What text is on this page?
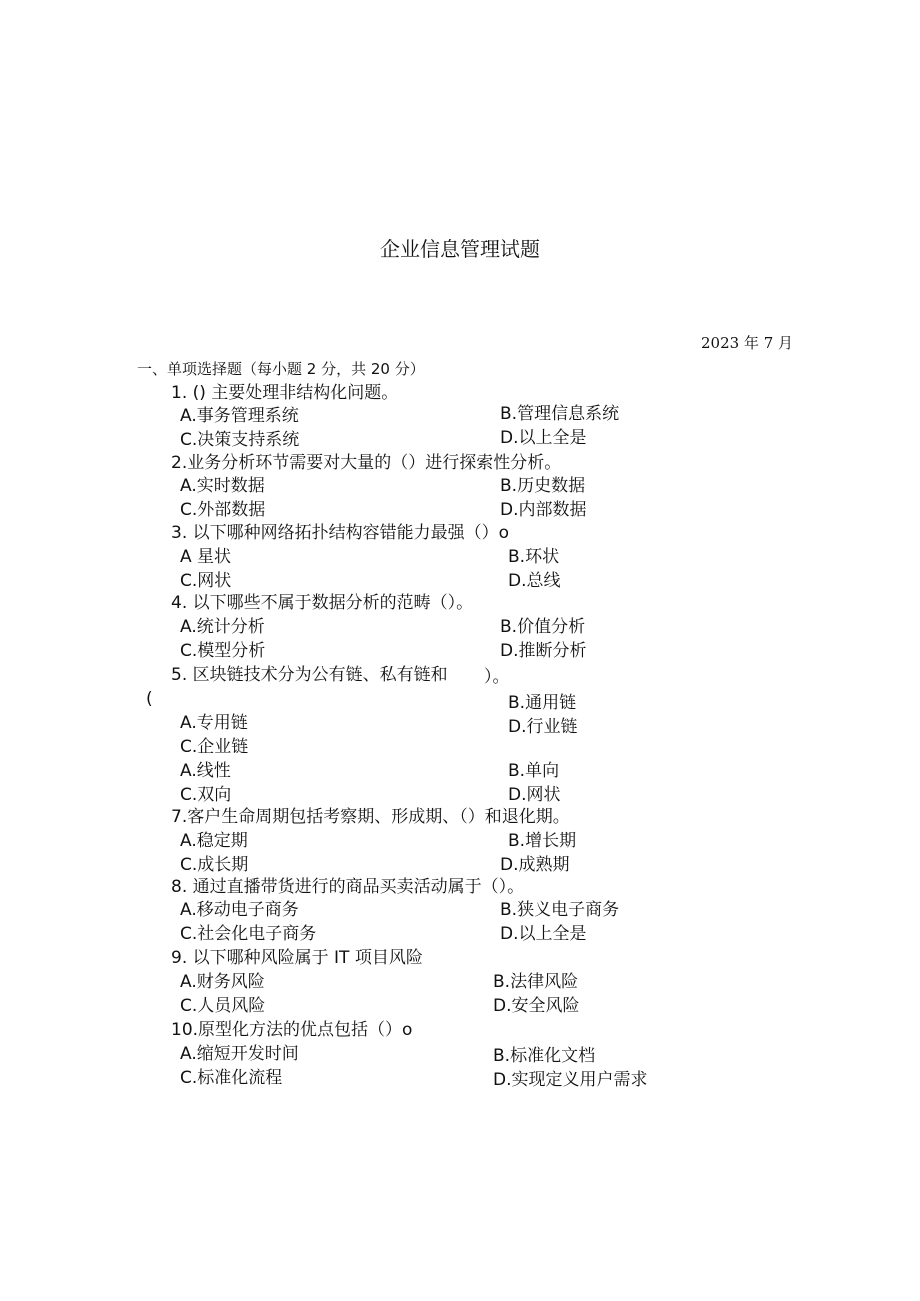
企业信息管理试题
2023 年 7 月
一、单项选择题（每小题 2 分，共 20 分）
1. () 主要处理非结构化问题。
A.事务管理系统	B.管理信息系统
C.决策支持系统	D.以上全是
2.业务分析环节需要对大量的（）进行探索性分析。
A.实时数据	B.历史数据
C.外部数据	D.内部数据
3. 以下哪种网络拓扑结构容错能力最强（）o
A 星状	B.环状
C.网状	D.总线
4. 以下哪些不属于数据分析的范畴（）。
A.统计分析	B.价值分析
C.模型分析	D.推断分析
5. 区块链技术分为公有链、私有链和 ）。
(	B.通用链
A.专用链	D.行业链
C.企业链
A.线性	B.单向
C.双向	D.网状
7.客户生命周期包括考察期、形成期、（）和退化期。
A.稳定期	B.增长期
C.成长期	D.成熟期
8. 通过直播带货进行的商品买卖活动属于（）。
A.移动电子商务	B.狭义电子商务
C.社会化电子商务	D.以上全是
9. 以下哪种风险属于 IT 项目风险
A.财务风险	B.法律风险
C.人员风险	D.安全风险
10.原型化方法的优点包括（）o
A.缩短开发时间	B.标准化文档
C.标准化流程	D.实现定义用户需求
